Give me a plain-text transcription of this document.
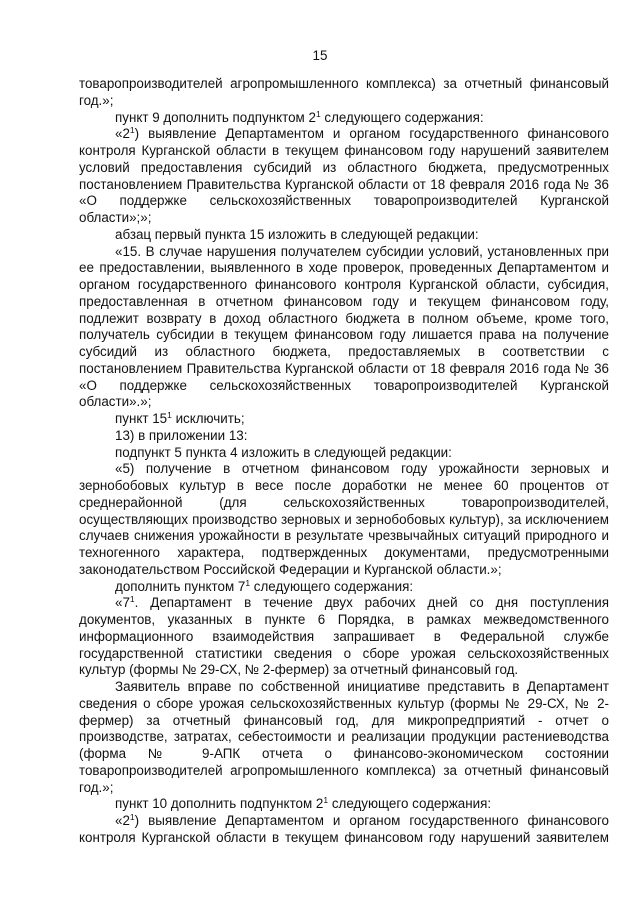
15

товаропроизводителей агропромышленного комплекса) за отчетный финансовый год.»;

пункт 9 дополнить подпунктом $2^1$ следующего содержания:

«$2^1$) выявление Департаментом и органом государственного финансового контроля Курганской области в текущем финансовом году нарушений заявителем условий предоставления субсидий из областного бюджета, предусмотренных постановлением Правительства Курганской области от 18 февраля 2016 года № 36 «О поддержке сельскохозяйственных товаропроизводителей Курганской области»;»;

абзац первый пункта 15 изложить в следующей редакции:

«15. В случае нарушения получателем субсидии условий, установленных при ее предоставлении, выявленного в ходе проверок, проведенных Департаментом и органом государственного финансового контроля Курганской области, субсидия, предоставленная в отчетном финансовом году и текущем финансовом году, подлежит возврату в доход областного бюджета в полном объеме, кроме того, получатель субсидии в текущем финансовом году лишается права на получение субсидий из областного бюджета, предоставляемых в соответствии с постановлением Правительства Курганской области от 18 февраля 2016 года № 36 «О поддержке сельскохозяйственных товаропроизводителей Курганской области».»;

пункт $15^1$ исключить;

13) в приложении 13:

подпункт 5 пункта 4 изложить в следующей редакции:

«5) получение в отчетном финансовом году урожайности зерновых и зернобобовых культур в весе после доработки не менее 60 процентов от среднерайонной (для сельскохозяйственных товаропроизводителей, осуществляющих производство зерновых и зернобобовых культур), за исключением случаев снижения урожайности в результате чрезвычайных ситуаций природного и техногенного характера, подтвержденных документами, предусмотренными законодательством Российской Федерации и Курганской области.»;

дополнить пунктом $7^1$ следующего содержания:

«$7^1$. Департамент в течение двух рабочих дней со дня поступления документов, указанных в пункте 6 Порядка, в рамках межведомственного информационного взаимодействия запрашивает в Федеральной службе государственной статистики сведения о сборе урожая сельскохозяйственных культур (формы № 29-СХ, № 2-фермер) за отчетный финансовый год.

Заявитель вправе по собственной инициативе представить в Департамент сведения о сборе урожая сельскохозяйственных культур (формы № 29-СХ, № 2-фермер) за отчетный финансовый год, для микропредприятий - отчет о производстве, затратах, себестоимости и реализации продукции растениеводства (форма № 9-АПК отчета о финансово-экономическом состоянии товаропроизводителей агропромышленного комплекса) за отчетный финансовый год.»;

пункт 10 дополнить подпунктом $2^1$ следующего содержания:

«$2^1$) выявление Департаментом и органом государственного финансового контроля Курганской области в текущем финансовом году нарушений заявителем
